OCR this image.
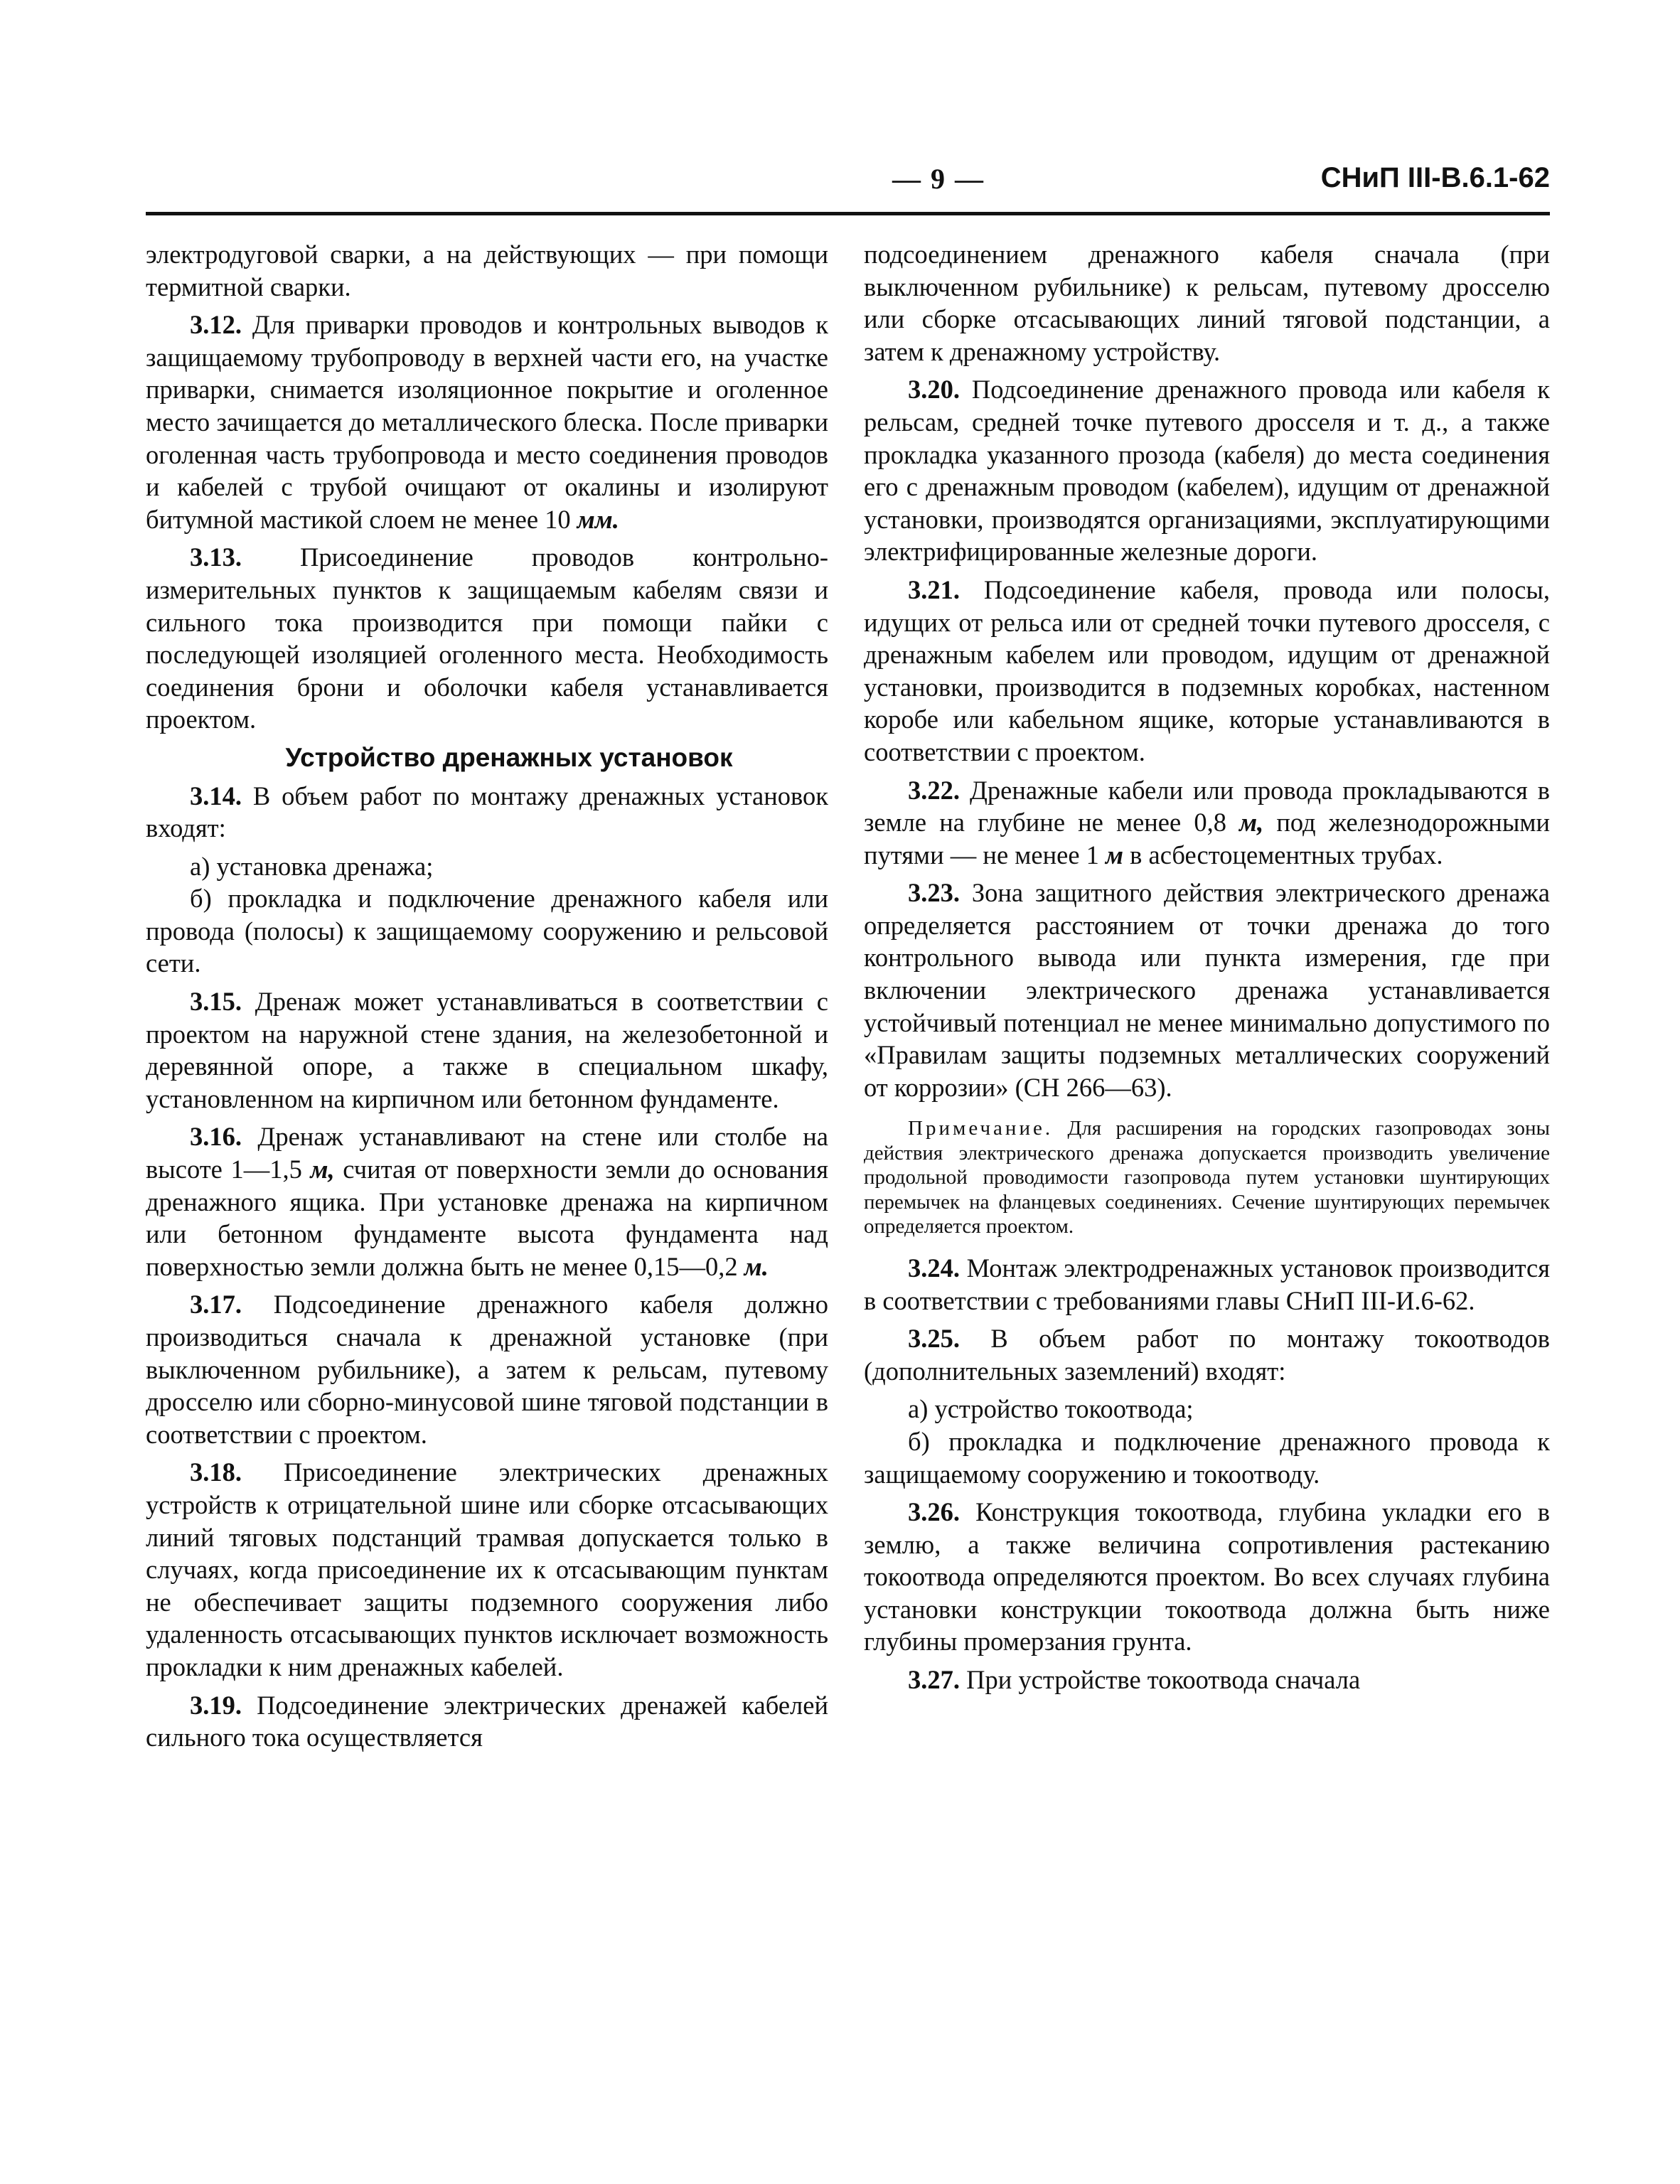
— 9 —	СНиП III-В.6.1-62

электродуговой сварки, а на действующих — при помощи термитной сварки.

3.12. Для приварки проводов и контрольных выводов к защищаемому трубопроводу в верхней части его, на участке приварки, снимается изоляционное покрытие и оголенное место зачищается до металлического блеска. После приварки оголенная часть трубопровода и место соединения проводов и кабелей с трубой очищают от окалины и изолируют битумной мастикой слоем не менее 10 мм.

3.13. Присоединение проводов контрольно-измерительных пунктов к защищаемым кабелям связи и сильного тока производится при помощи пайки с последующей изоляцией оголенного места. Необходимость соединения брони и оболочки кабеля устанавливается проектом.

Устройство дренажных установок

3.14. В объем работ по монтажу дренажных установок входят:

а) установка дренажа;

б) прокладка и подключение дренажного кабеля или провода (полосы) к защищаемому сооружению и рельсовой сети.

3.15. Дренаж может устанавливаться в соответствии с проектом на наружной стене здания, на железобетонной и деревянной опоре, а также в специальном шкафу, установленном на кирпичном или бетонном фундаменте.

3.16. Дренаж устанавливают на стене или столбе на высоте 1—1,5 м, считая от поверхности земли до основания дренажного ящика. При установке дренажа на кирпичном или бетонном фундаменте высота фундамента над поверхностью земли должна быть не менее 0,15—0,2 м.

3.17. Подсоединение дренажного кабеля должно производиться сначала к дренажной установке (при выключенном рубильнике), а затем к рельсам, путевому дросселю или сборно-минусовой шине тяговой подстанции в соответствии с проектом.

3.18. Присоединение электрических дренажных устройств к отрицательной шине или сборке отсасывающих линий тяговых подстанций трамвая допускается только в случаях, когда присоединение их к отсасывающим пунктам не обеспечивает защиты подземного сооружения либо удаленность отсасывающих пунктов исключает возможность прокладки к ним дренажных кабелей.

3.19. Подсоединение электрических дренажей кабелей сильного тока осуществляется

подсоединением дренажного кабеля сначала (при выключенном рубильнике) к рельсам, путевому дросселю или сборке отсасывающих линий тяговой подстанции, а затем к дренажному устройству.

3.20. Подсоединение дренажного провода или кабеля к рельсам, средней точке путевого дросселя и т. д., а также прокладка указанного прозода (кабеля) до места соединения его с дренажным проводом (кабелем), идущим от дренажной установки, производятся организациями, эксплуатирующими электрифицированные железные дороги.

3.21. Подсоединение кабеля, провода или полосы, идущих от рельса или от средней точки путевого дросселя, с дренажным кабелем или проводом, идущим от дренажной установки, производится в подземных коробках, настенном коробе или кабельном ящике, которые устанавливаются в соответствии с проектом.

3.22. Дренажные кабели или провода прокладываются в земле на глубине не менее 0,8 м, под железнодорожными путями — не менее 1 м в асбестоцементных трубах.

3.23. Зона защитного действия электрического дренажа определяется расстоянием от точки дренажа до того контрольного вывода или пункта измерения, где при включении электрического дренажа устанавливается устойчивый потенциал не менее минимально допустимого по «Правилам защиты подземных металлических сооружений от коррозии» (СН 266—63).

Примечание. Для расширения на городских газопроводах зоны действия электрического дренажа допускается производить увеличение продольной проводимости газопровода путем установки шунтирующих перемычек на фланцевых соединениях. Сечение шунтирующих перемычек определяется проектом.

3.24. Монтаж электродренажных установок производится в соответствии с требованиями главы СНиП III-И.6-62.

3.25. В объем работ по монтажу токоотводов (дополнительных заземлений) входят:

а) устройство токоотвода;

б) прокладка и подключение дренажного провода к защищаемому сооружению и токоотводу.

3.26. Конструкция токоотвода, глубина укладки его в землю, а также величина сопротивления растеканию токоотвода определяются проектом. Во всех случаях глубина установки конструкции токоотвода должна быть ниже глубины промерзания грунта.

3.27. При устройстве токоотвода сначала
